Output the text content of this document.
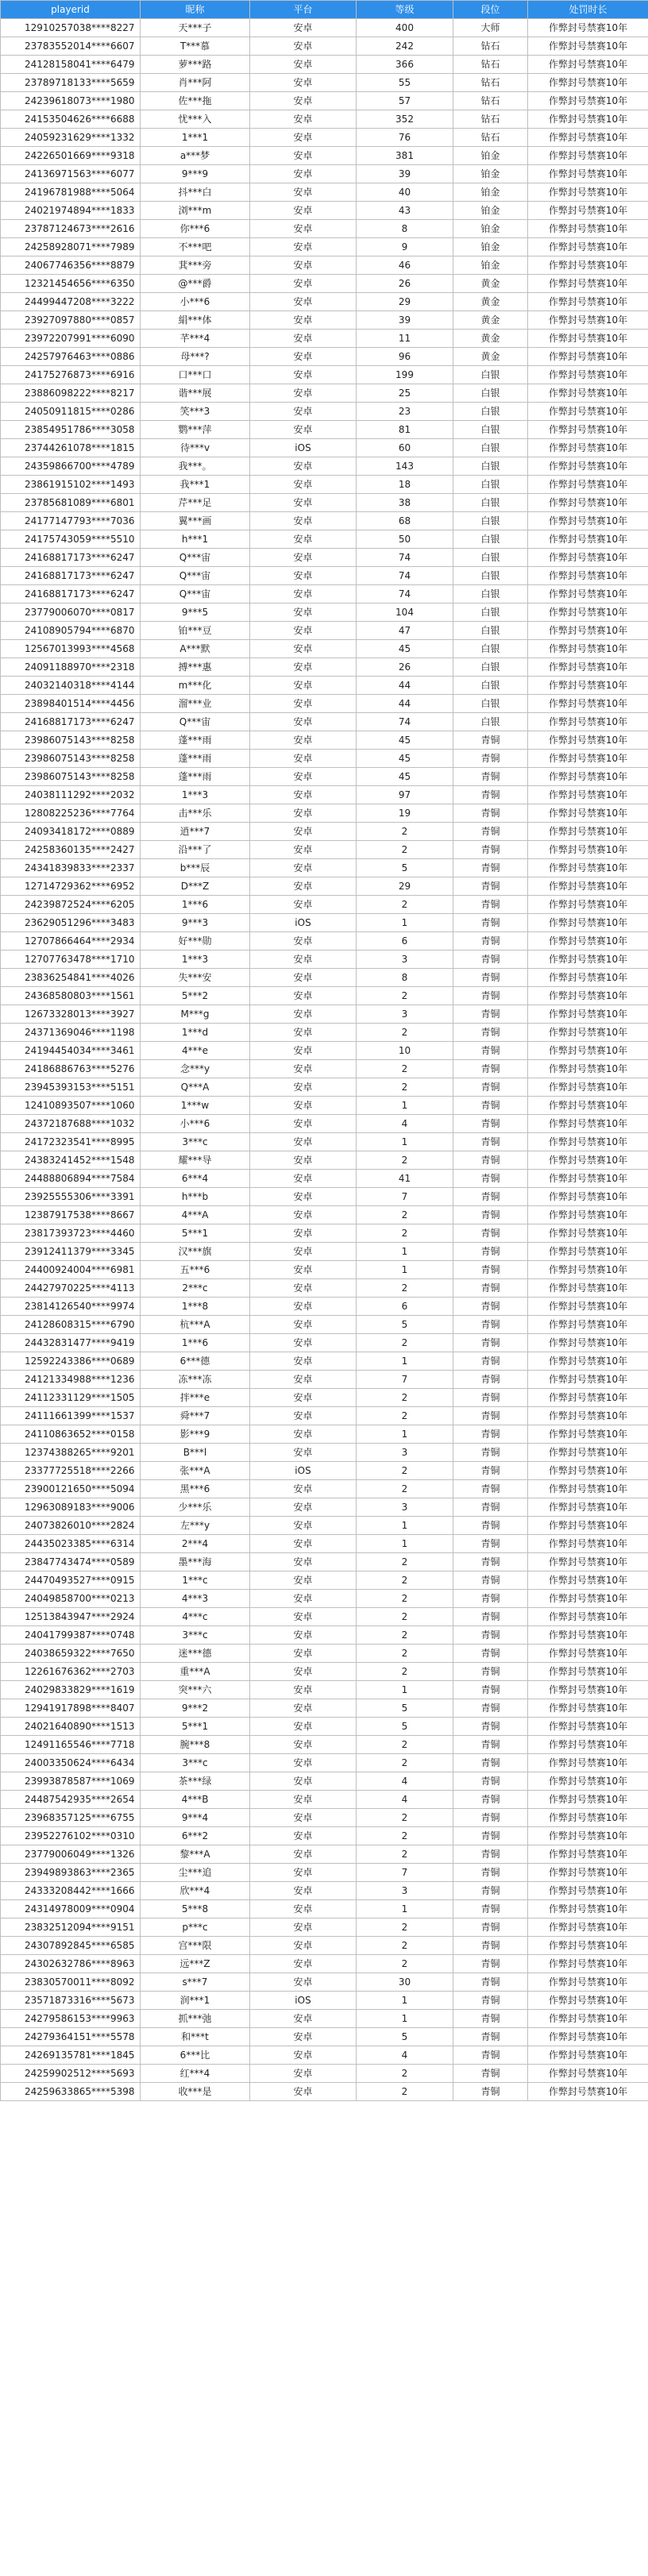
playerid	昵称	平台	等级	段位	处罚时长
12910257038****8227	天***子	安卓	400	大师	作弊封号禁赛10年
23783552014****6607	T***慕	安卓	242	钻石	作弊封号禁赛10年
24128158041****6479	萝***路	安卓	366	钻石	作弊封号禁赛10年
23789718133****5659	肖***阿	安卓	55	钻石	作弊封号禁赛10年
24239618073****1980	佐***拖	安卓	57	钻石	作弊封号禁赛10年
24153504626****6688	忧***入	安卓	352	钻石	作弊封号禁赛10年
24059231629****1332	1***1	安卓	76	钻石	作弊封号禁赛10年
24226501669****9318	a***梦	安卓	381	铂金	作弊封号禁赛10年
24136971563****6077	9***9	安卓	39	铂金	作弊封号禁赛10年
24196781988****5064	抖***白	安卓	40	铂金	作弊封号禁赛10年
24021974894****1833	浏***m	安卓	43	铂金	作弊封号禁赛10年
23787124673****2616	你***6	安卓	8	铂金	作弊封号禁赛10年
24258928071****7989	不***吧	安卓	9	铂金	作弊封号禁赛10年
24067746356****8879	萁***旁	安卓	46	铂金	作弊封号禁赛10年
12321454656****6350	@***爵	安卓	26	黄金	作弊封号禁赛10年
24499447208****3222	小***6	安卓	29	黄金	作弊封号禁赛10年
23927097880****0857	絹***体	安卓	39	黄金	作弊封号禁赛10年
23972207991****6090	芊***4	安卓	11	黄金	作弊封号禁赛10年
24257976463****0886	母***?	安卓	96	黄金	作弊封号禁赛10年
24175276873****6916	口***口	安卓	199	白银	作弊封号禁赛10年
23886098222****8217	谐***展	安卓	25	白银	作弊封号禁赛10年
24050911815****0286	笑***3	安卓	23	白银	作弊封号禁赛10年
23854951786****3058	鹦***萍	安卓	81	白银	作弊封号禁赛10年
23744261078****1815	待***v	iOS	60	白银	作弊封号禁赛10年
24359866700****4789	我***。	安卓	143	白银	作弊封号禁赛10年
23861915102****1493	我***1	安卓	18	白银	作弊封号禁赛10年
23785681089****6801	芹***足	安卓	38	白银	作弊封号禁赛10年
24177147793****7036	翼***画	安卓	68	白银	作弊封号禁赛10年
24175743059****5510	h***1	安卓	50	白银	作弊封号禁赛10年
24168817173****6247	Q***宙	安卓	74	白银	作弊封号禁赛10年
24168817173****6247	Q***宙	安卓	74	白银	作弊封号禁赛10年
24168817173****6247	Q***宙	安卓	74	白银	作弊封号禁赛10年
23779006070****0817	9***5	安卓	104	白银	作弊封号禁赛10年
24108905794****6870	铂***豆	安卓	47	白银	作弊封号禁赛10年
12567013993****4568	A***默	安卓	45	白银	作弊封号禁赛10年
24091188970****2318	搏***惠	安卓	26	白银	作弊封号禁赛10年
24032140318****4144	m***化	安卓	44	白银	作弊封号禁赛10年
23898401514****4456	溜***业	安卓	44	白银	作弊封号禁赛10年
24168817173****6247	Q***宙	安卓	74	白银	作弊封号禁赛10年
23986075143****8258	蓬***雨	安卓	45	青铜	作弊封号禁赛10年
23986075143****8258	蓬***雨	安卓	45	青铜	作弊封号禁赛10年
23986075143****8258	蓬***雨	安卓	45	青铜	作弊封号禁赛10年
24038111292****2032	1***3	安卓	97	青铜	作弊封号禁赛10年
12808225236****7764	击***乐	安卓	19	青铜	作弊封号禁赛10年
24093418172****0889	逍***7	安卓	2	青铜	作弊封号禁赛10年
24258360135****2427	沿***了	安卓	2	青铜	作弊封号禁赛10年
24341839833****2337	b***辰	安卓	5	青铜	作弊封号禁赛10年
12714729362****6952	D***Z	安卓	29	青铜	作弊封号禁赛10年
24239872524****6205	1***6	安卓	2	青铜	作弊封号禁赛10年
23629051296****3483	9***3	iOS	1	青铜	作弊封号禁赛10年
12707866464****2934	好***勋	安卓	6	青铜	作弊封号禁赛10年
12707763478****1710	1***3	安卓	3	青铜	作弊封号禁赛10年
23836254841****4026	失***安	安卓	8	青铜	作弊封号禁赛10年
24368580803****1561	5***2	安卓	2	青铜	作弊封号禁赛10年
12673328013****3927	M***g	安卓	3	青铜	作弊封号禁赛10年
24371369046****1198	1***d	安卓	2	青铜	作弊封号禁赛10年
24194454034****3461	4***e	安卓	10	青铜	作弊封号禁赛10年
24186886763****5276	念***y	安卓	2	青铜	作弊封号禁赛10年
23945393153****5151	Q***A	安卓	2	青铜	作弊封号禁赛10年
12410893507****1060	1***w	安卓	1	青铜	作弊封号禁赛10年
24372187688****1032	小***6	安卓	4	青铜	作弊封号禁赛10年
24172323541****8995	3***c	安卓	1	青铜	作弊封号禁赛10年
24383241452****1548	耀***导	安卓	2	青铜	作弊封号禁赛10年
24488806894****7584	6***4	安卓	41	青铜	作弊封号禁赛10年
23925555306****3391	h***b	安卓	7	青铜	作弊封号禁赛10年
12387917538****8667	4***A	安卓	2	青铜	作弊封号禁赛10年
23817393723****4460	5***1	安卓	2	青铜	作弊封号禁赛10年
23912411379****3345	汉***旗	安卓	1	青铜	作弊封号禁赛10年
24400924004****6981	五***6	安卓	1	青铜	作弊封号禁赛10年
24427970225****4113	2***c	安卓	2	青铜	作弊封号禁赛10年
23814126540****9974	1***8	安卓	6	青铜	作弊封号禁赛10年
24128608315****6790	杭***A	安卓	5	青铜	作弊封号禁赛10年
24432831477****9419	1***6	安卓	2	青铜	作弊封号禁赛10年
12592243386****0689	6***德	安卓	1	青铜	作弊封号禁赛10年
24121334988****1236	冻***冻	安卓	7	青铜	作弊封号禁赛10年
24112331129****1505	拌***e	安卓	2	青铜	作弊封号禁赛10年
24111661399****1537	舜***7	安卓	2	青铜	作弊封号禁赛10年
24110863652****0158	影***9	安卓	1	青铜	作弊封号禁赛10年
12374388265****9201	B***l	安卓	3	青铜	作弊封号禁赛10年
23377725518****2266	张***A	iOS	2	青铜	作弊封号禁赛10年
23900121650****5094	黑***6	安卓	2	青铜	作弊封号禁赛10年
12963089183****9006	少***乐	安卓	3	青铜	作弊封号禁赛10年
24073826010****2824	左***y	安卓	1	青铜	作弊封号禁赛10年
24435023385****6314	2***4	安卓	1	青铜	作弊封号禁赛10年
23847743474****0589	墨***海	安卓	2	青铜	作弊封号禁赛10年
24470493527****0915	1***c	安卓	2	青铜	作弊封号禁赛10年
24049858700****0213	4***3	安卓	2	青铜	作弊封号禁赛10年
12513843947****2924	4***c	安卓	2	青铜	作弊封号禁赛10年
24041799387****0748	3***c	安卓	2	青铜	作弊封号禁赛10年
24038659322****7650	迷***德	安卓	2	青铜	作弊封号禁赛10年
12261676362****2703	重***A	安卓	2	青铜	作弊封号禁赛10年
24029833829****1619	突***六	安卓	1	青铜	作弊封号禁赛10年
12941917898****8407	9***2	安卓	5	青铜	作弊封号禁赛10年
24021640890****1513	5***1	安卓	5	青铜	作弊封号禁赛10年
12491165546****7718	腕***8	安卓	2	青铜	作弊封号禁赛10年
24003350624****6434	3***c	安卓	2	青铜	作弊封号禁赛10年
23993878587****1069	茶***绿	安卓	4	青铜	作弊封号禁赛10年
24487542935****2654	4***B	安卓	4	青铜	作弊封号禁赛10年
23968357125****6755	9***4	安卓	2	青铜	作弊封号禁赛10年
23952276102****0310	6***2	安卓	2	青铜	作弊封号禁赛10年
23779006049****1326	黎***A	安卓	2	青铜	作弊封号禁赛10年
23949893863****2365	尘***追	安卓	7	青铜	作弊封号禁赛10年
24333208442****1666	欣***4	安卓	3	青铜	作弊封号禁赛10年
24314978009****0904	5***8	安卓	1	青铜	作弊封号禁赛10年
23832512094****9151	p***c	安卓	2	青铜	作弊封号禁赛10年
24307892845****6585	宫***限	安卓	2	青铜	作弊封号禁赛10年
24302632786****8963	远***Z	安卓	2	青铜	作弊封号禁赛10年
23830570011****8092	s***7	安卓	30	青铜	作弊封号禁赛10年
23571873316****5673	润***1	iOS	1	青铜	作弊封号禁赛10年
24279586153****9963	抓***弛	安卓	1	青铜	作弊封号禁赛10年
24279364151****5578	和***t	安卓	5	青铜	作弊封号禁赛10年
24269135781****1845	6***比	安卓	4	青铜	作弊封号禁赛10年
24259902512****5693	红***4	安卓	2	青铜	作弊封号禁赛10年
24259633865****5398	收***是	安卓	2	青铜	作弊封号禁赛10年
